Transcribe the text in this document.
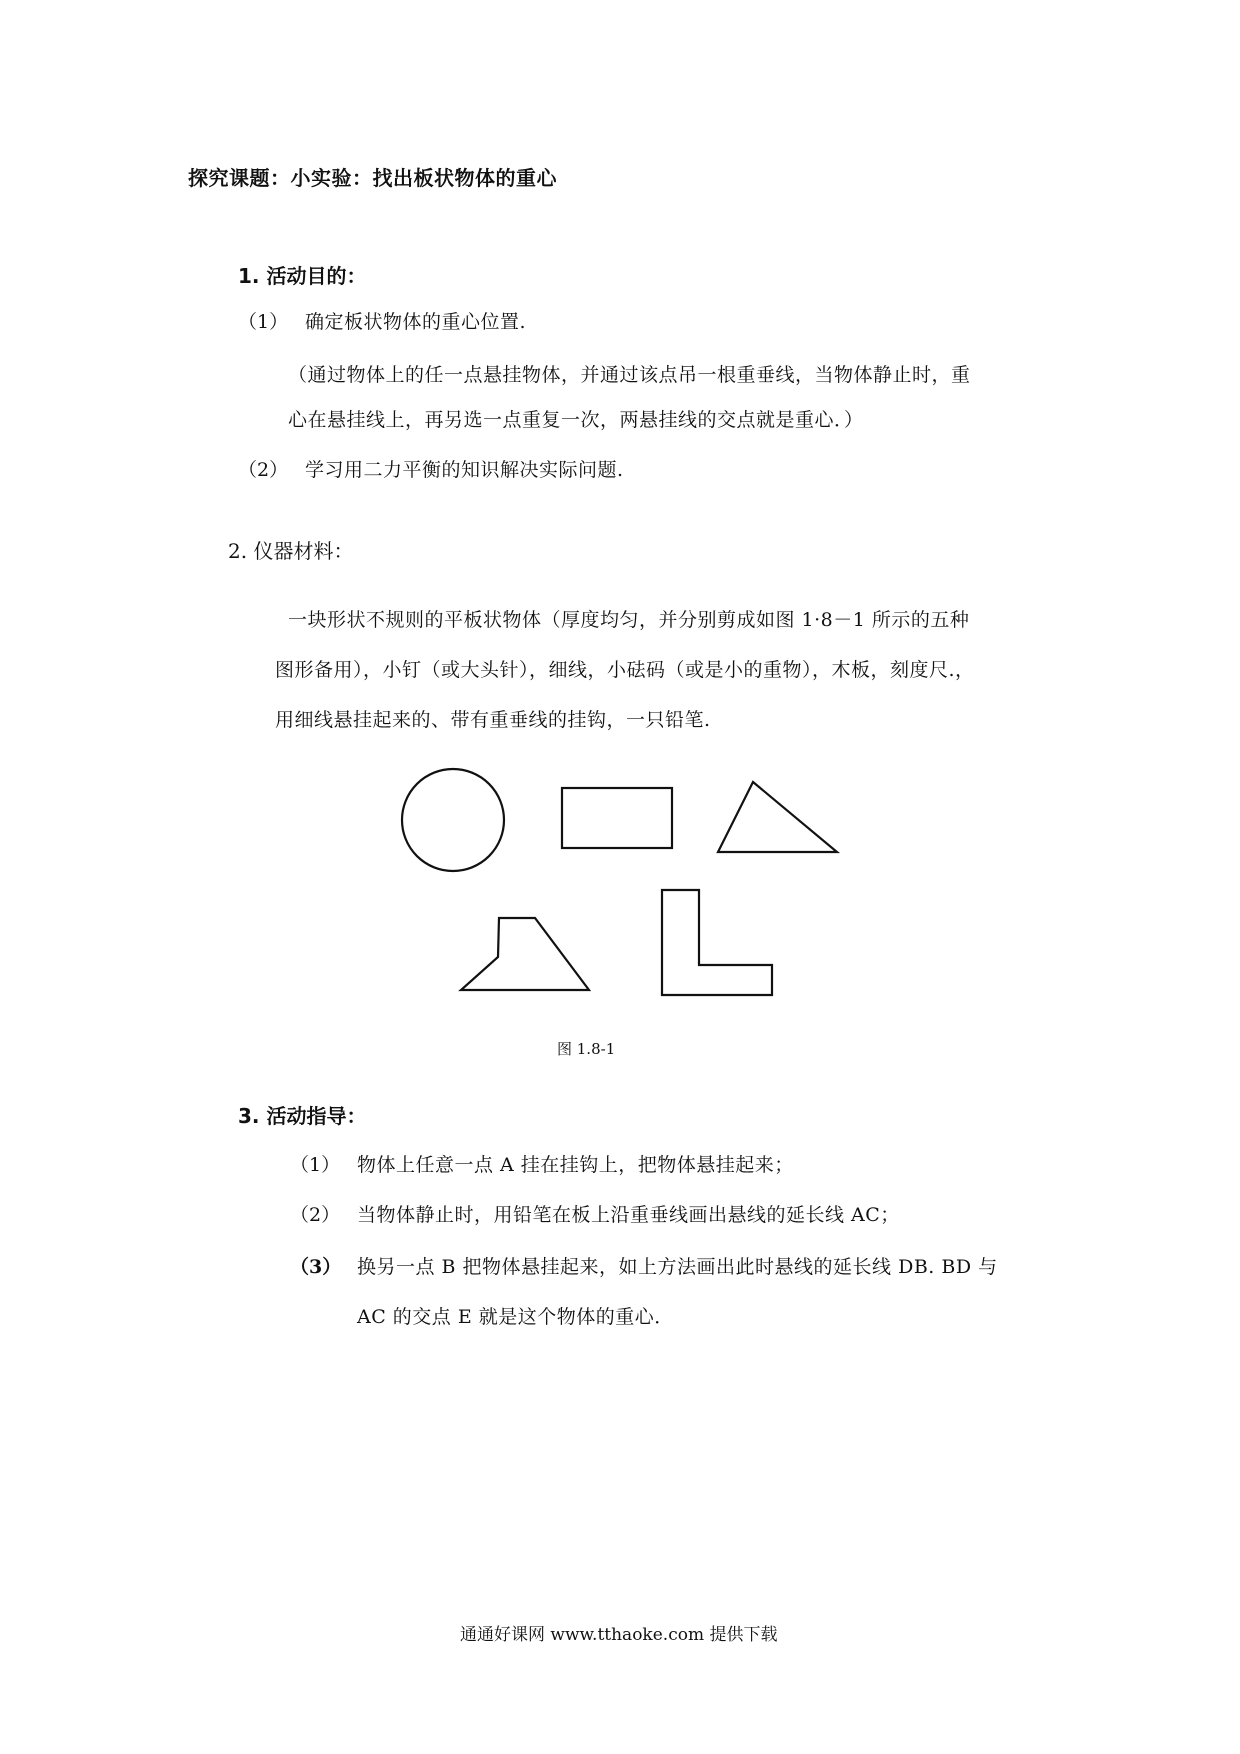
探究课题：小实验：找出板状物体的重心
1. 活动目的：
（1） 确定板状物体的重心位置.
（通过物体上的任一点悬挂物体，并通过该点吊一根重垂线，当物体静止时，重
心在悬挂线上，再另选一点重复一次，两悬挂线的交点就是重心．）
（2） 学习用二力平衡的知识解决实际问题.
2. 仪器材料：
一块形状不规则的平板状物体（厚度均匀，并分别剪成如图 1·8－1 所示的五种
图形备用），小钉（或大头针），细线，小砝码（或是小的重物），木板，刻度尺.，
用细线悬挂起来的、带有重垂线的挂钩，一只铅笔.
图 1.8-1
3. 活动指导：
（1） 物体上任意一点 A 挂在挂钩上，把物体悬挂起来；
（2） 当物体静止时，用铅笔在板上沿重垂线画出悬线的延长线 AC；
（3） 换另一点 B 把物体悬挂起来，如上方法画出此时悬线的延长线 DB. BD 与
AC 的交点 E 就是这个物体的重心．
通通好课网 www.tthaoke.com 提供下载
